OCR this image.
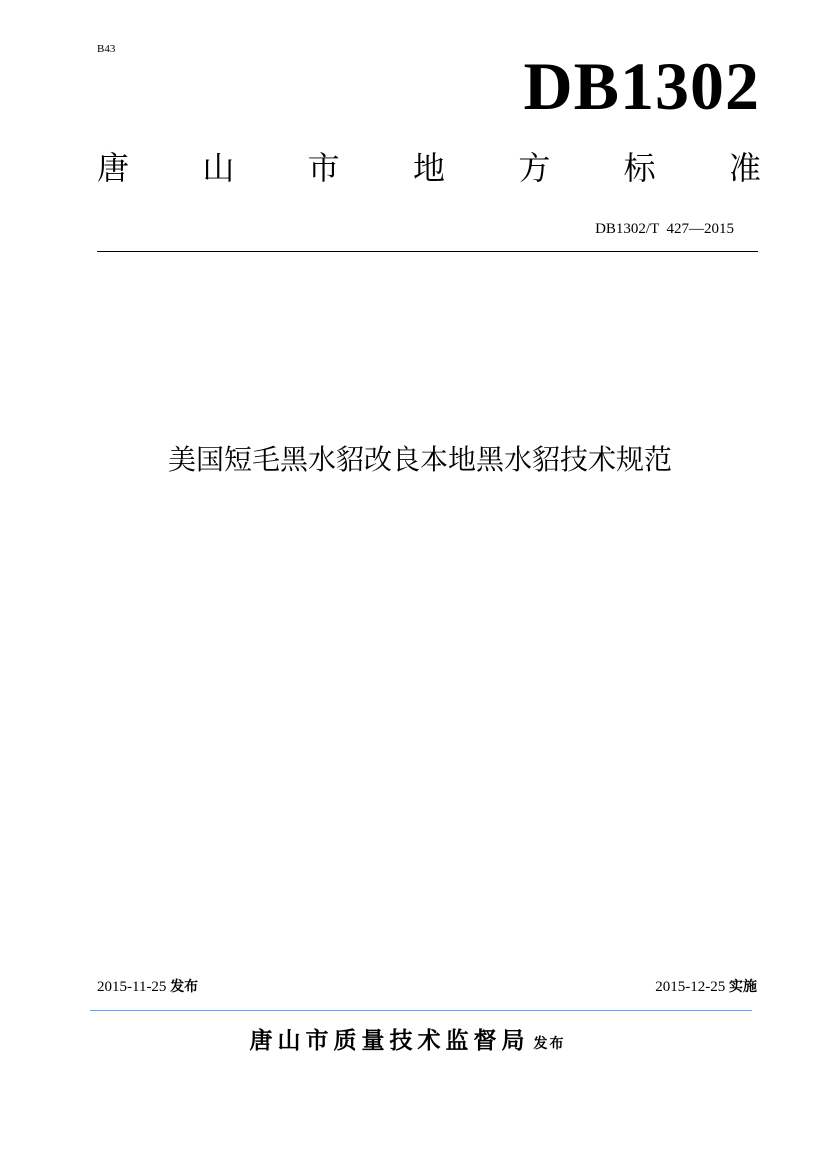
B43	DB1302
唐 山 市 地 方 标 准
DB1302/T  427—2015
美国短毛黑水貂改良本地黑水貂技术规范
2015-11-25 发布	2015-12-25 实施
唐山市质量技术监督局 发布
